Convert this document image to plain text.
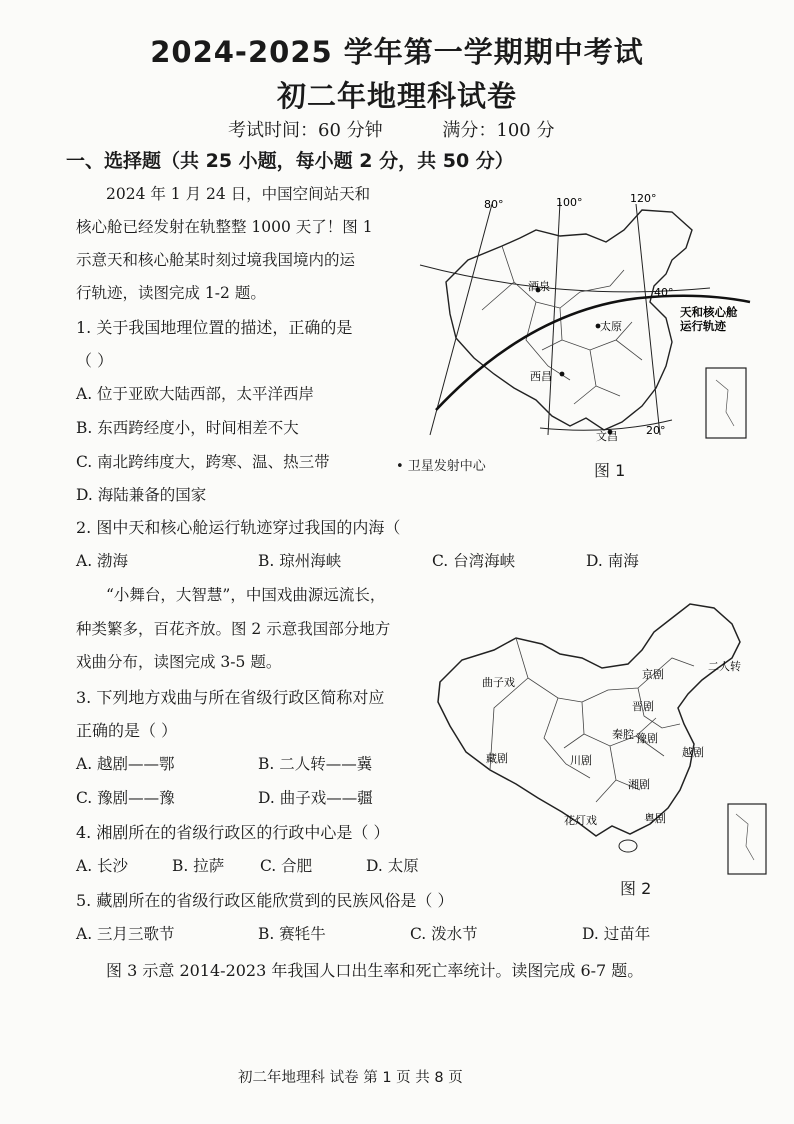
2024-2025 学年第一学期期中考试
初二年地理科试卷
考试时间：60 分钟	满分：100 分
一、选择题（共 25 小题，每小题 2 分，共 50 分）
2024 年 1 月 24 日，中国空间站天和
核心舱已经发射在轨整整 1000 天了！图 1
示意天和核心舱某时刻过境我国境内的运
行轨迹，读图完成 1-2 题。
1. 关于我国地理位置的描述，正确的是
（ ）
A. 位于亚欧大陆西部，太平洋西岸
B. 东西跨经度小，时间相差不大
C. 南北跨纬度大，跨寒、温、热三带
D. 海陆兼备的国家
2. 图中天和核心舱运行轨迹穿过我国的内海（
A. 渤海	B. 琼州海峡	C. 台湾海峡	D. 南海
“小舞台，大智慧”，中国戏曲源远流长，
种类繁多，百花齐放。图 2 示意我国部分地方
戏曲分布，读图完成 3-5 题。
3. 下列地方戏曲与所在省级行政区简称对应
正确的是（ ）
A. 越剧——鄂	B. 二人转——冀
C. 豫剧——豫	D. 曲子戏——疆
4. 湘剧所在的省级行政区的行政中心是（ ）
A. 长沙	B. 拉萨 C. 合肥	D. 太原
5. 藏剧所在的省级行政区能欣赏到的民族风俗是（ ）
A. 三月三歌节	B. 赛牦牛	C. 泼水节	D. 过苗年
图 3 示意 2014-2023 年我国人口出生率和死亡率统计。读图完成 6-7 题。
80°	100°	120°
40°
20°
酒泉
太原
西昌
文昌
天和核心舱
运行轨迹
• 卫星发射中心	图 1
曲子戏
二人转
京剧
晋剧
豫剧
秦腔
藏剧	川剧
越剧
湘剧
花灯戏	粤剧
图 2
初二年地理科 试卷 第 1 页 共 8 页
